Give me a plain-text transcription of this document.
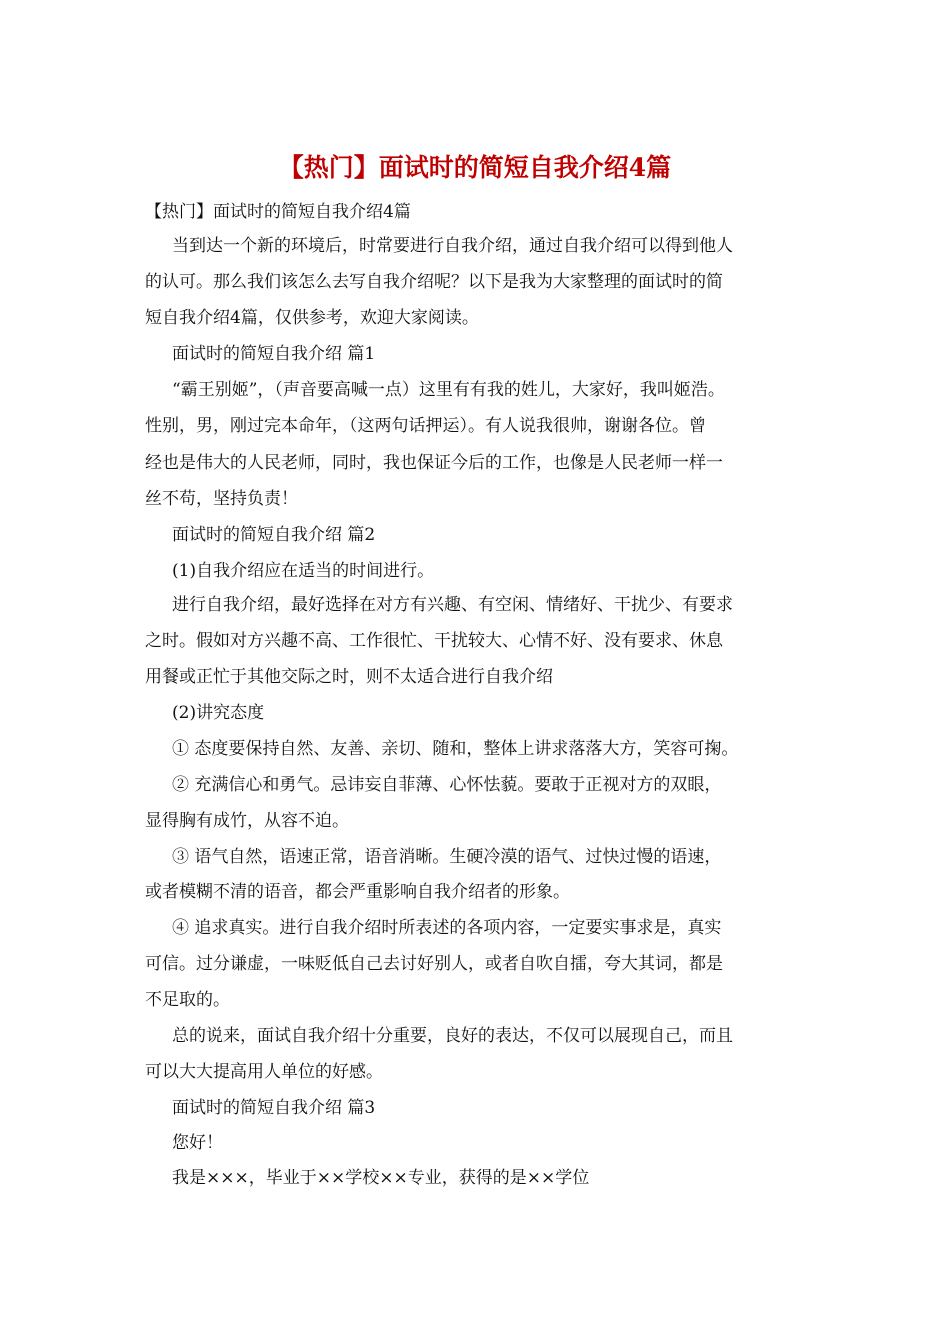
【热门】面试时的简短自我介绍4篇
【热门】面试时的简短自我介绍4篇
当到达一个新的环境后，时常要进行自我介绍，通过自我介绍可以得到他人
的认可。那么我们该怎么去写自我介绍呢？以下是我为大家整理的面试时的简
短自我介绍4篇，仅供参考，欢迎大家阅读。
面试时的简短自我介绍 篇1
“霸王别姬”，（声音要高喊一点）这里有有我的姓儿，大家好，我叫姬浩。
性别，男，刚过完本命年，（这两句话押运）。有人说我很帅，谢谢各位。曾
经也是伟大的人民老师，同时，我也保证今后的工作，也像是人民老师一样一
丝不苟，坚持负责！
面试时的简短自我介绍 篇2
(1)自我介绍应在适当的时间进行。
进行自我介绍，最好选择在对方有兴趣、有空闲、情绪好、干扰少、有要求
之时。假如对方兴趣不高、工作很忙、干扰较大、心情不好、没有要求、休息
用餐或正忙于其他交际之时，则不太适合进行自我介绍
(2)讲究态度
① 态度要保持自然、友善、亲切、随和，整体上讲求落落大方，笑容可掬。
② 充满信心和勇气。忌讳妄自菲薄、心怀怯藐。要敢于正视对方的双眼，
显得胸有成竹，从容不迫。
③ 语气自然，语速正常，语音消晰。生硬冷漠的语气、过快过慢的语速，
或者模糊不清的语音，都会严重影响自我介绍者的形象。
④ 追求真实。进行自我介绍时所表述的各项内容，一定要实事求是，真实
可信。过分谦虚，一味贬低自己去讨好别人，或者自吹自擂，夸大其词，都是
不足取的。
总的说来，面试自我介绍十分重要，良好的表达，不仅可以展现自己，而且
可以大大提高用人单位的好感。
面试时的简短自我介绍 篇3
您好！
我是×××，毕业于××学校××专业，获得的是××学位
